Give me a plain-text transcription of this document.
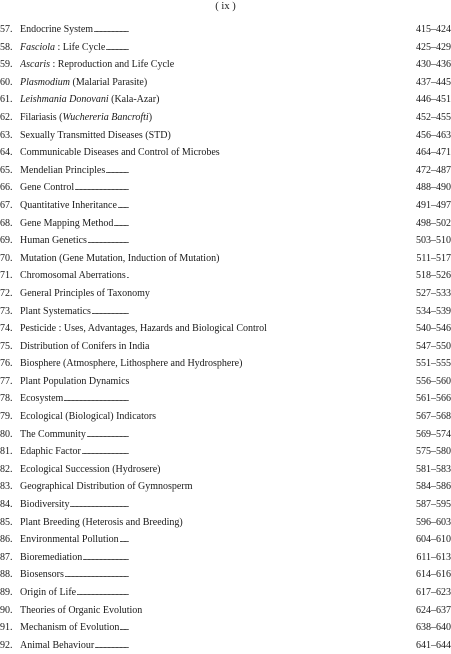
( ix )
57. Endocrine System . . .	415–424
58. Fasciola : Life Cycle . . .	425–429
59. Ascaris : Reproduction and Life Cycle . . .	430–436
60. Plasmodium (Malarial Parasite) . . .	437–445
61. Leishmania Donovani (Kala-Azar) . . .	446–451
62. Filariasis (Wuchereria Bancrofti) . . .	452–455
63. Sexually Transmitted Diseases (STD) . . .	456–463
64. Communicable Diseases and Control of Microbes . . .	464–471
65. Mendelian Principles . . .	472–487
66. Gene Control . . .	488–490
67. Quantitative Inheritance . . .	491–497
68. Gene Mapping Method . . .	498–502
69. Human Genetics . . .	503–510
70. Mutation (Gene Mutation, Induction of Mutation) . . .	511–517
71. Chromosomal Aberrations . . .	518–526
72. General Principles of Taxonomy . . .	527–533
73. Plant Systematics . . .	534–539
74. Pesticide : Uses, Advantages, Hazards and Biological Control . . .	540–546
75. Distribution of Conifers in India . . .	547–550
76. Biosphere (Atmosphere, Lithosphere and Hydrosphere) . . .	551–555
77. Plant Population Dynamics . . .	556–560
78. Ecosystem . . .	561–566
79. Ecological (Biological) Indicators . . .	567–568
80. The Community . . .	569–574
81. Edaphic Factor . . .	575–580
82. Ecological Succession (Hydrosere) . . .	581–583
83. Geographical Distribution of Gymnosperm . . .	584–586
84. Biodiversity . . .	587–595
85. Plant Breeding (Heterosis and Breeding) . . .	596–603
86. Environmental Pollution . . .	604–610
87. Bioremediation . . .	611–613
88. Biosensors . . .	614–616
89. Origin of Life . . .	617–623
90. Theories of Organic Evolution . . .	624–637
91. Mechanism of Evolution . . .	638–640
92. Animal Behaviour . . .	641–644
